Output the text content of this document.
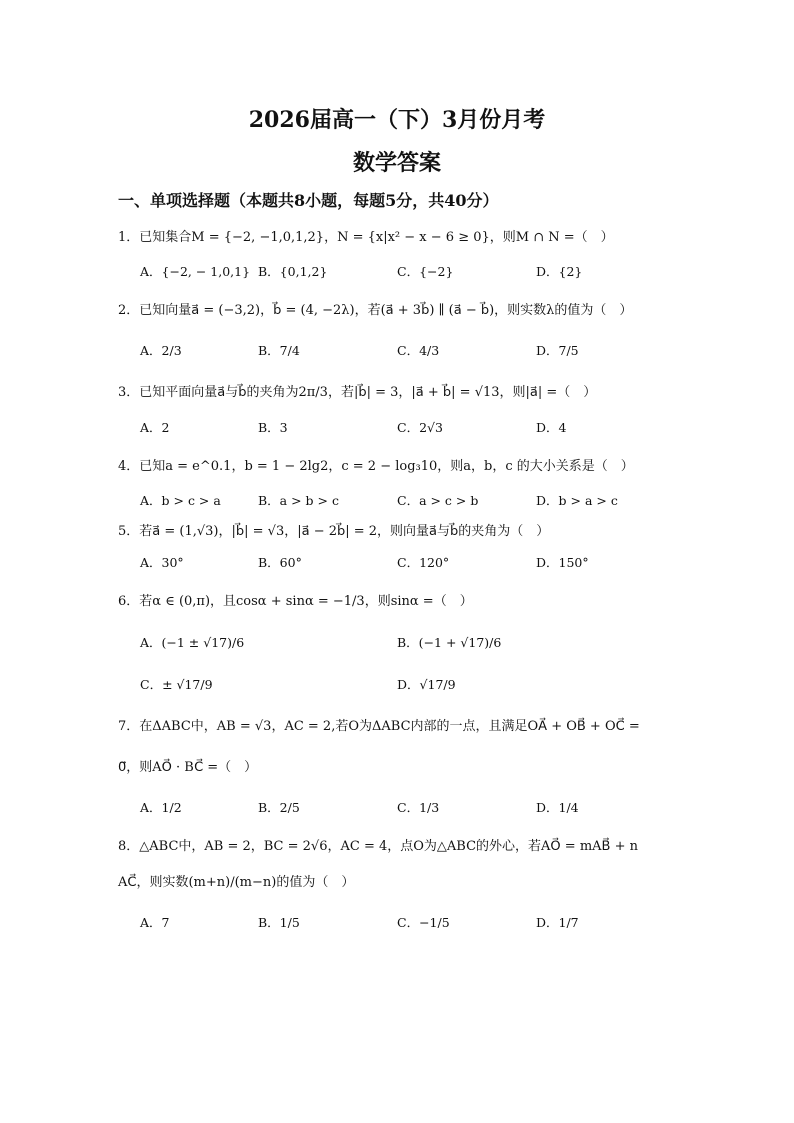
2026届高一（下）3月份月考
数学答案
一、单项选择题（本题共8小题，每题5分，共40分）
1．已知集合M = {−2, −1,0,1,2}，N = {x|x² − x − 6 ≥ 0}，则M ∩ N =（　）
A．{−2, − 1,0,1} B．{0,1,2}	C．{−2}	D．{2}
2．已知向量a⃗ = (−3,2)，b⃗ = (4, −2λ)，若(a⃗ + 3b⃗) ∥ (a⃗ − b⃗)，则实数λ的值为（　）
A．2/3	B．7/4	C．4/3	D．7/5
3．已知平面向量a⃗与b⃗的夹角为2π/3，若|b⃗| = 3，|a⃗ + b⃗| = √13，则|a⃗| =（　）
A．2	B．3	C．2√3	D．4
4．已知a = e^0.1，b = 1 − 2lg2，c = 2 − log₃10，则a，b，c 的大小关系是（　）
A．b > c > a	B．a > b > c	C．a > c > b	D．b > a > c
5．若a⃗ = (1,√3)，|b⃗| = √3，|a⃗ − 2b⃗| = 2，则向量a⃗与b⃗的夹角为（　）
A．30°	B．60°	C．120°	D．150°
6．若α ∈ (0,π)，且cosα + sinα = −1/3，则sinα =（　）
A．(−1 ± √17)/6	B．(−1 + √17)/6
C．± √17/9	D．√17/9
7．在ΔABC中，AB = √3，AC = 2,若O为ΔABC内部的一点，且满足OA⃗ + OB⃗ + OC⃗ =
0⃗，则AO⃗ · BC⃗ =（　）
A．1/2	B．2/5	C．1/3	D．1/4
8．△ABC中，AB = 2，BC = 2√6，AC = 4，点O为△ABC的外心，若AO⃗ = mAB⃗ + n
AC⃗，则实数(m+n)/(m−n)的值为（　）
A．7	B．1/5	C．−1/5	D．1/7
